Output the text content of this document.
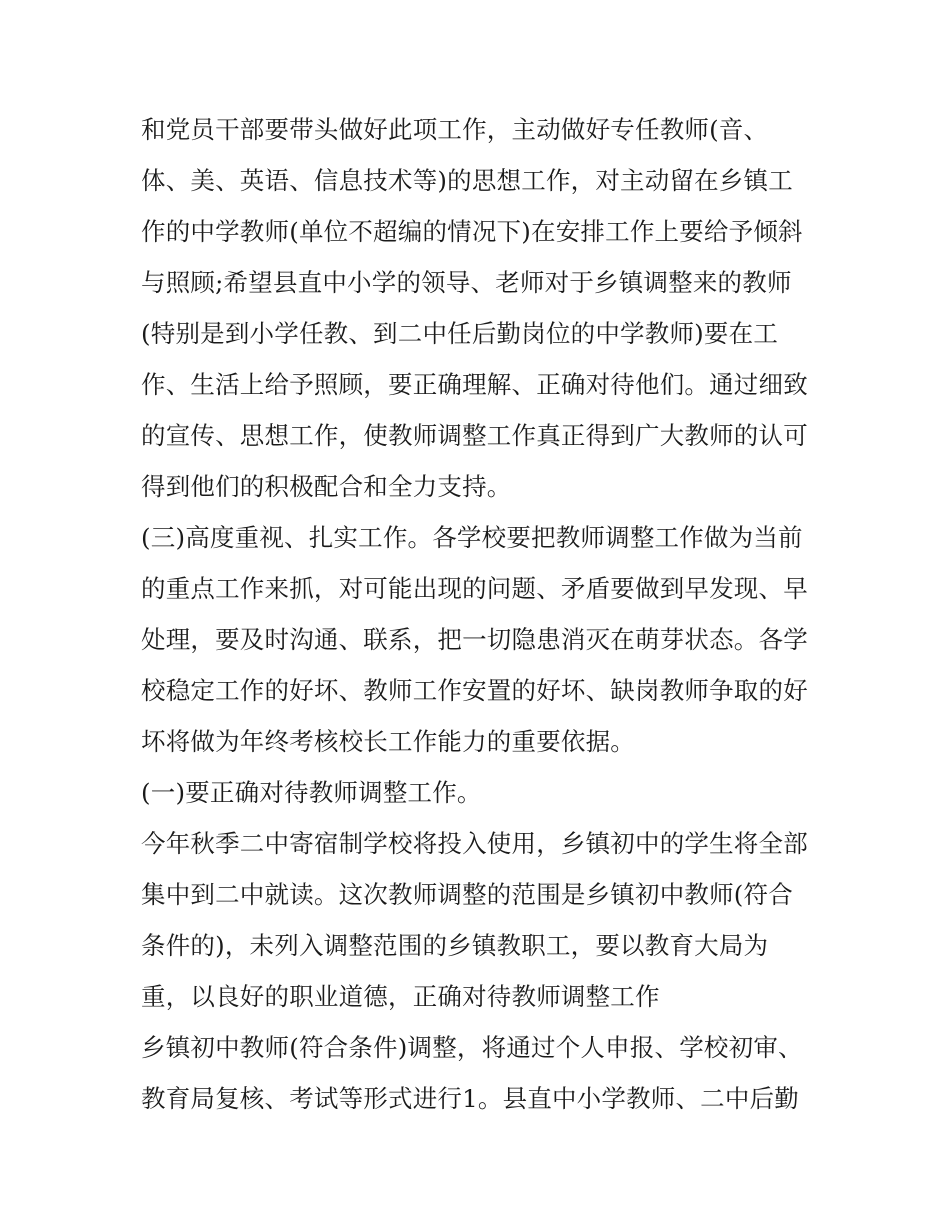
和党员干部要带头做好此项工作，主动做好专任教师(音、
体、美、英语、信息技术等)的思想工作，对主动留在乡镇工
作的中学教师(单位不超编的情况下)在安排工作上要给予倾斜
与照顾;希望县直中小学的领导、老师对于乡镇调整来的教师
(特别是到小学任教、到二中任后勤岗位的中学教师)要在工
作、生活上给予照顾，要正确理解、正确对待他们。通过细致
的宣传、思想工作，使教师调整工作真正得到广大教师的认可
得到他们的积极配合和全力支持。
(三)高度重视、扎实工作。各学校要把教师调整工作做为当前
的重点工作来抓，对可能出现的问题、矛盾要做到早发现、早
处理，要及时沟通、联系，把一切隐患消灭在萌芽状态。各学
校稳定工作的好坏、教师工作安置的好坏、缺岗教师争取的好
坏将做为年终考核校长工作能力的重要依据。
(一)要正确对待教师调整工作。
今年秋季二中寄宿制学校将投入使用，乡镇初中的学生将全部
集中到二中就读。这次教师调整的范围是乡镇初中教师(符合
条件的)，未列入调整范围的乡镇教职工，要以教育大局为
重，以良好的职业道德，正确对待教师调整工作
乡镇初中教师(符合条件)调整，将通过个人申报、学校初审、
教育局复核、考试等形式进行1。县直中小学教师、二中后勤
